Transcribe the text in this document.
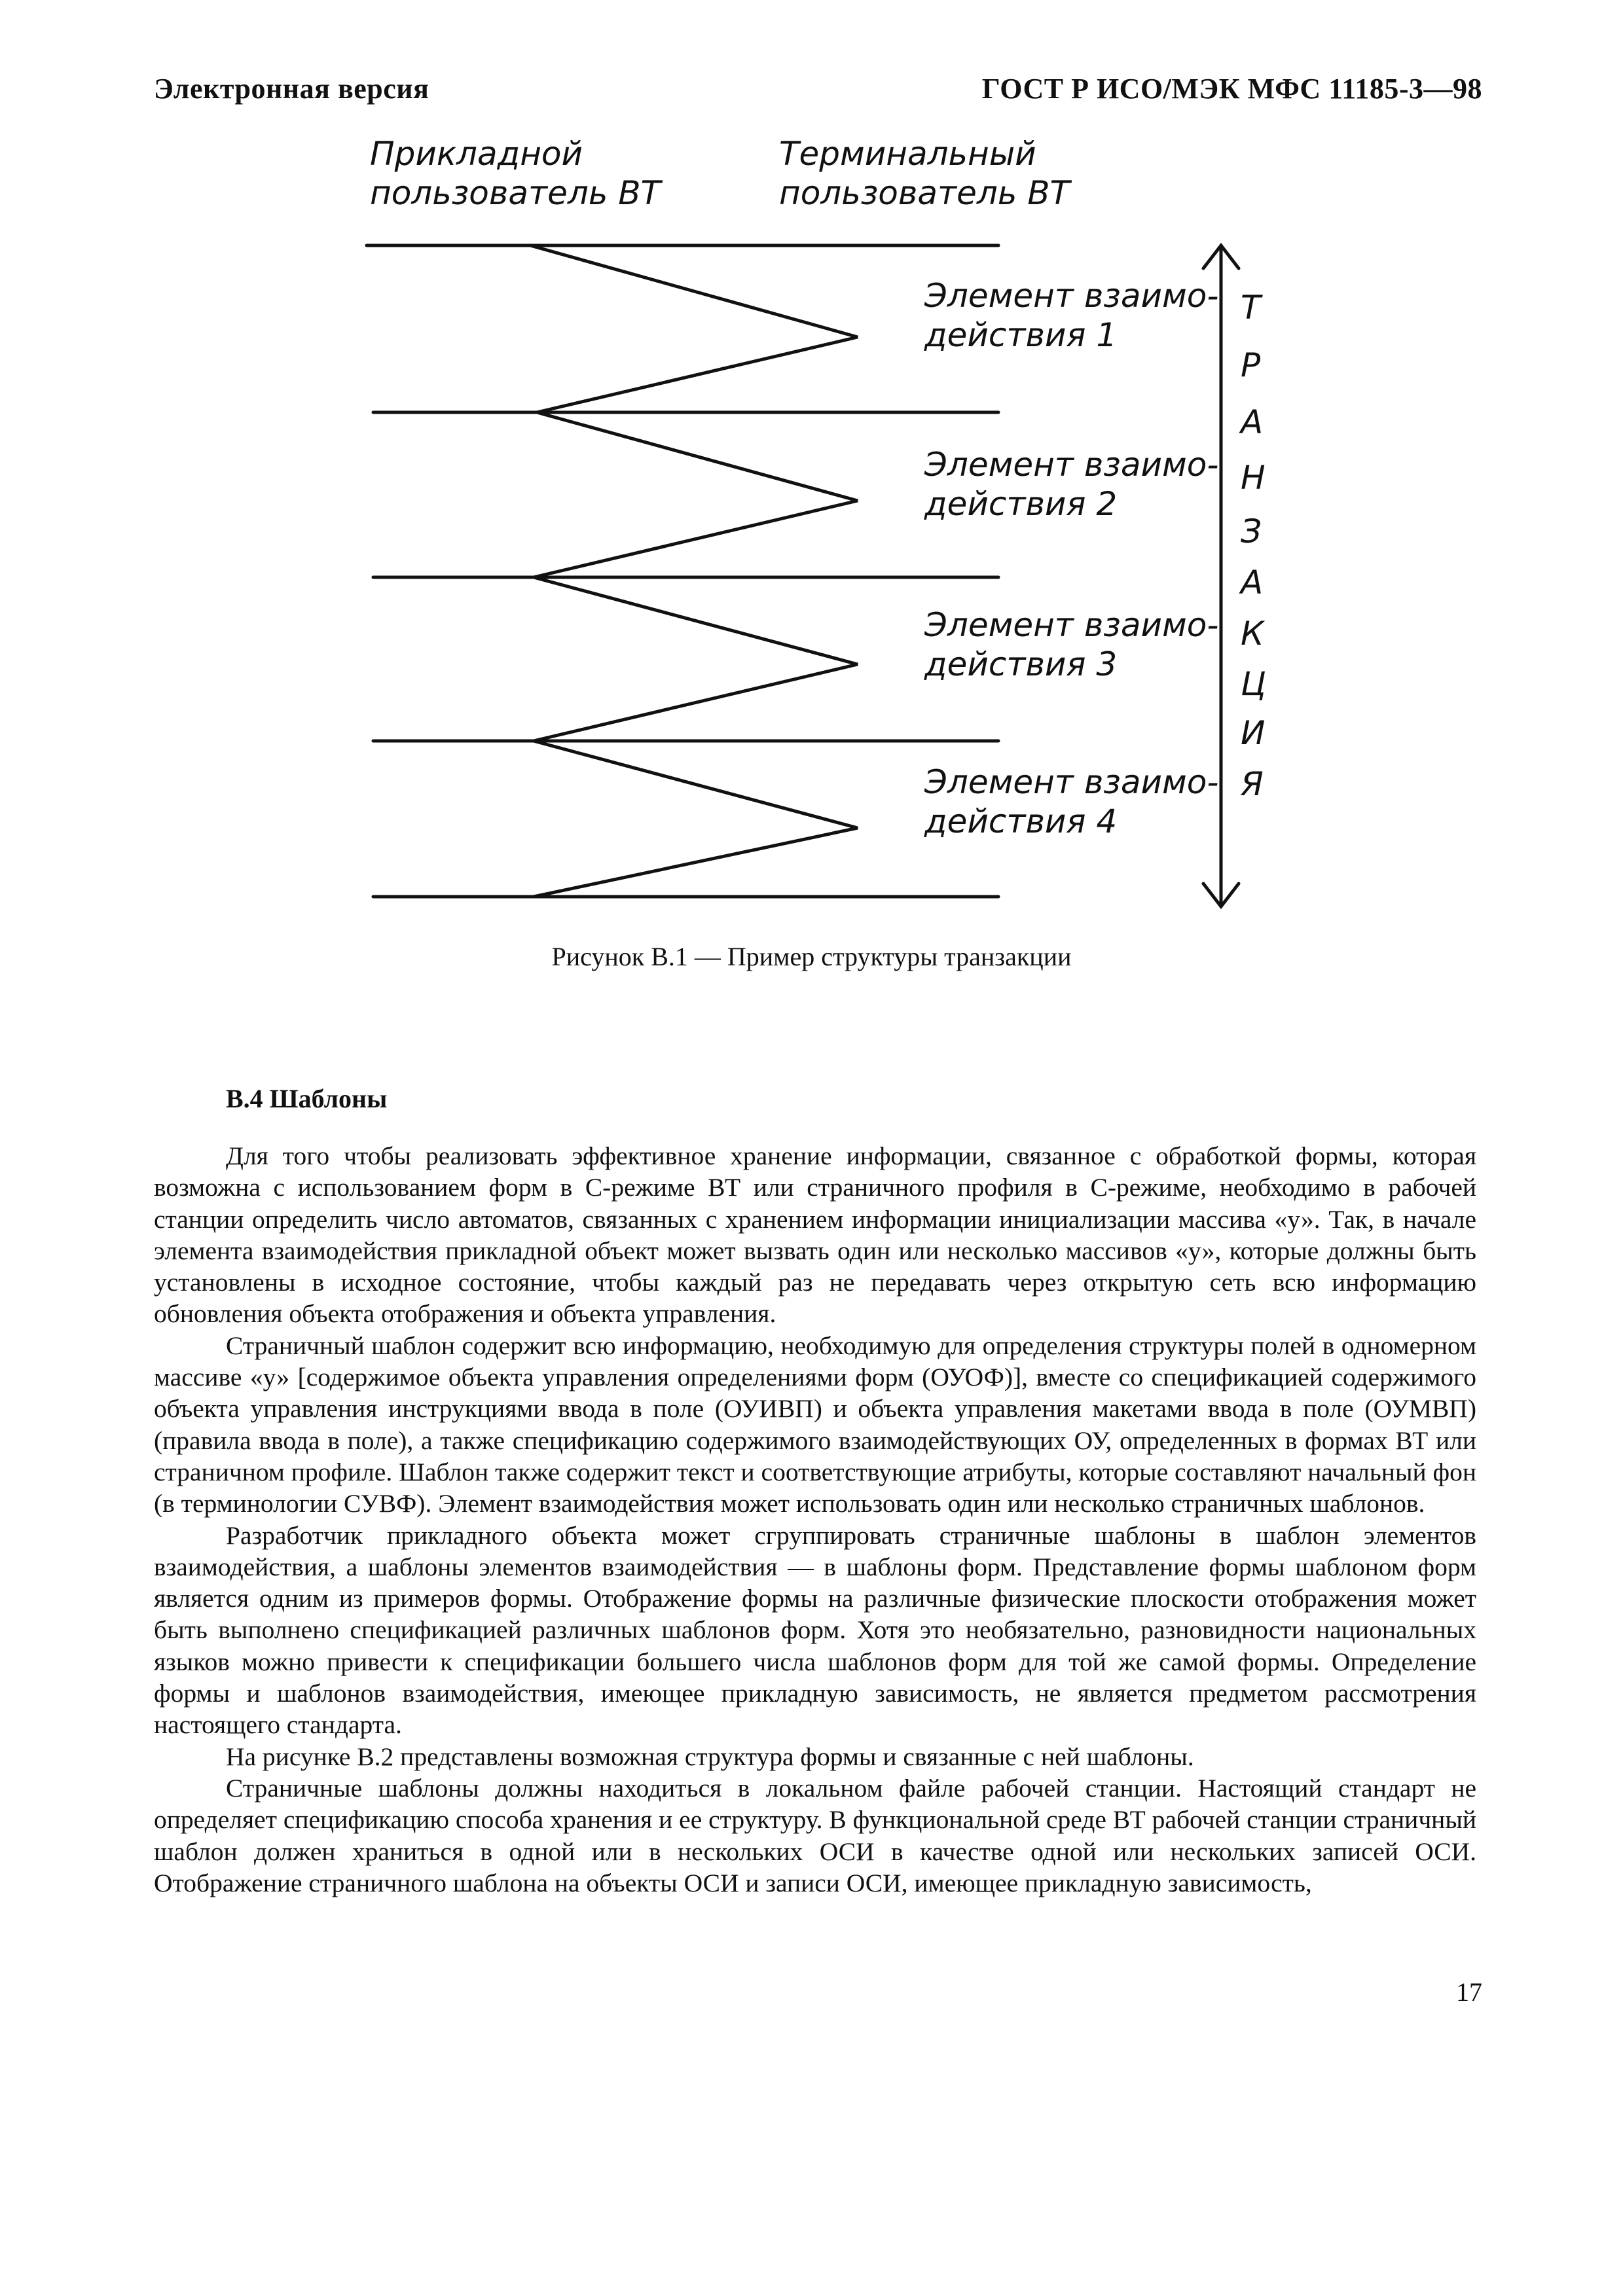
Электронная версия	ГОСТ Р ИСО/МЭК МФС 11185-3—98
Прикладной
пользователь ВТ
Терминальный
пользователь ВТ
Элемент взаимо-
действия 1
Элемент взаимо-
действия 2
Элемент взаимо-
действия 3
Элемент взаимо-
действия 4
Т
Р
А
Н
З
А
К
Ц
И
Я
Рисунок В.1 — Пример структуры транзакции
В.4 Шаблоны

Для того чтобы реализовать эффективное хранение информации, связанное с обработкой формы, которая возможна с использованием форм в С-режиме ВТ или страничного профиля в С-режиме, необходимо в рабочей станции определить число автоматов, связанных с хранением информации инициализации массива «у». Так, в начале элемента взаимодействия прикладной объект может вызвать один или несколько массивов «у», которые должны быть установлены в исходное состояние, чтобы каждый раз не передавать через открытую сеть всю информацию обновления объекта отображения и объекта управления.

Страничный шаблон содержит всю информацию, необходимую для определения структуры полей в одномерном массиве «у» [содержимое объекта управления определениями форм (ОУОФ)], вместе со спецификацией содержимого объекта управления инструкциями ввода в поле (ОУИВП) и объекта управления макетами ввода в поле (ОУМВП) (правила ввода в поле), а также спецификацию содержимого взаимодействующих ОУ, определенных в формах ВТ или страничном профиле. Шаблон также содержит текст и соответствующие атрибуты, которые составляют начальный фон (в терминологии СУВФ). Элемент взаимодействия может использовать один или несколько страничных шаблонов.

Разработчик прикладного объекта может сгруппировать страничные шаблоны в шаблон элементов взаимодействия, а шаблоны элементов взаимодействия — в шаблоны форм. Представление формы шаблоном форм является одним из примеров формы. Отображение формы на различные физические плоскости отображения может быть выполнено спецификацией различных шаблонов форм. Хотя это необязательно, разновидности национальных языков можно привести к спецификации большего числа шаблонов форм для той же самой формы. Определение формы и шаблонов взаимодействия, имеющее прикладную зависимость, не является предметом рассмотрения настоящего стандарта.

На рисунке В.2 представлены возможная структура формы и связанные с ней шаблоны.

Страничные шаблоны должны находиться в локальном файле рабочей станции. Настоящий стандарт не определяет спецификацию способа хранения и ее структуру. В функциональной среде ВТ рабочей станции страничный шаблон должен храниться в одной или в нескольких ОСИ в качестве одной или нескольких записей ОСИ. Отображение страничного шаблона на объекты ОСИ и записи ОСИ, имеющее прикладную зависимость,

17
